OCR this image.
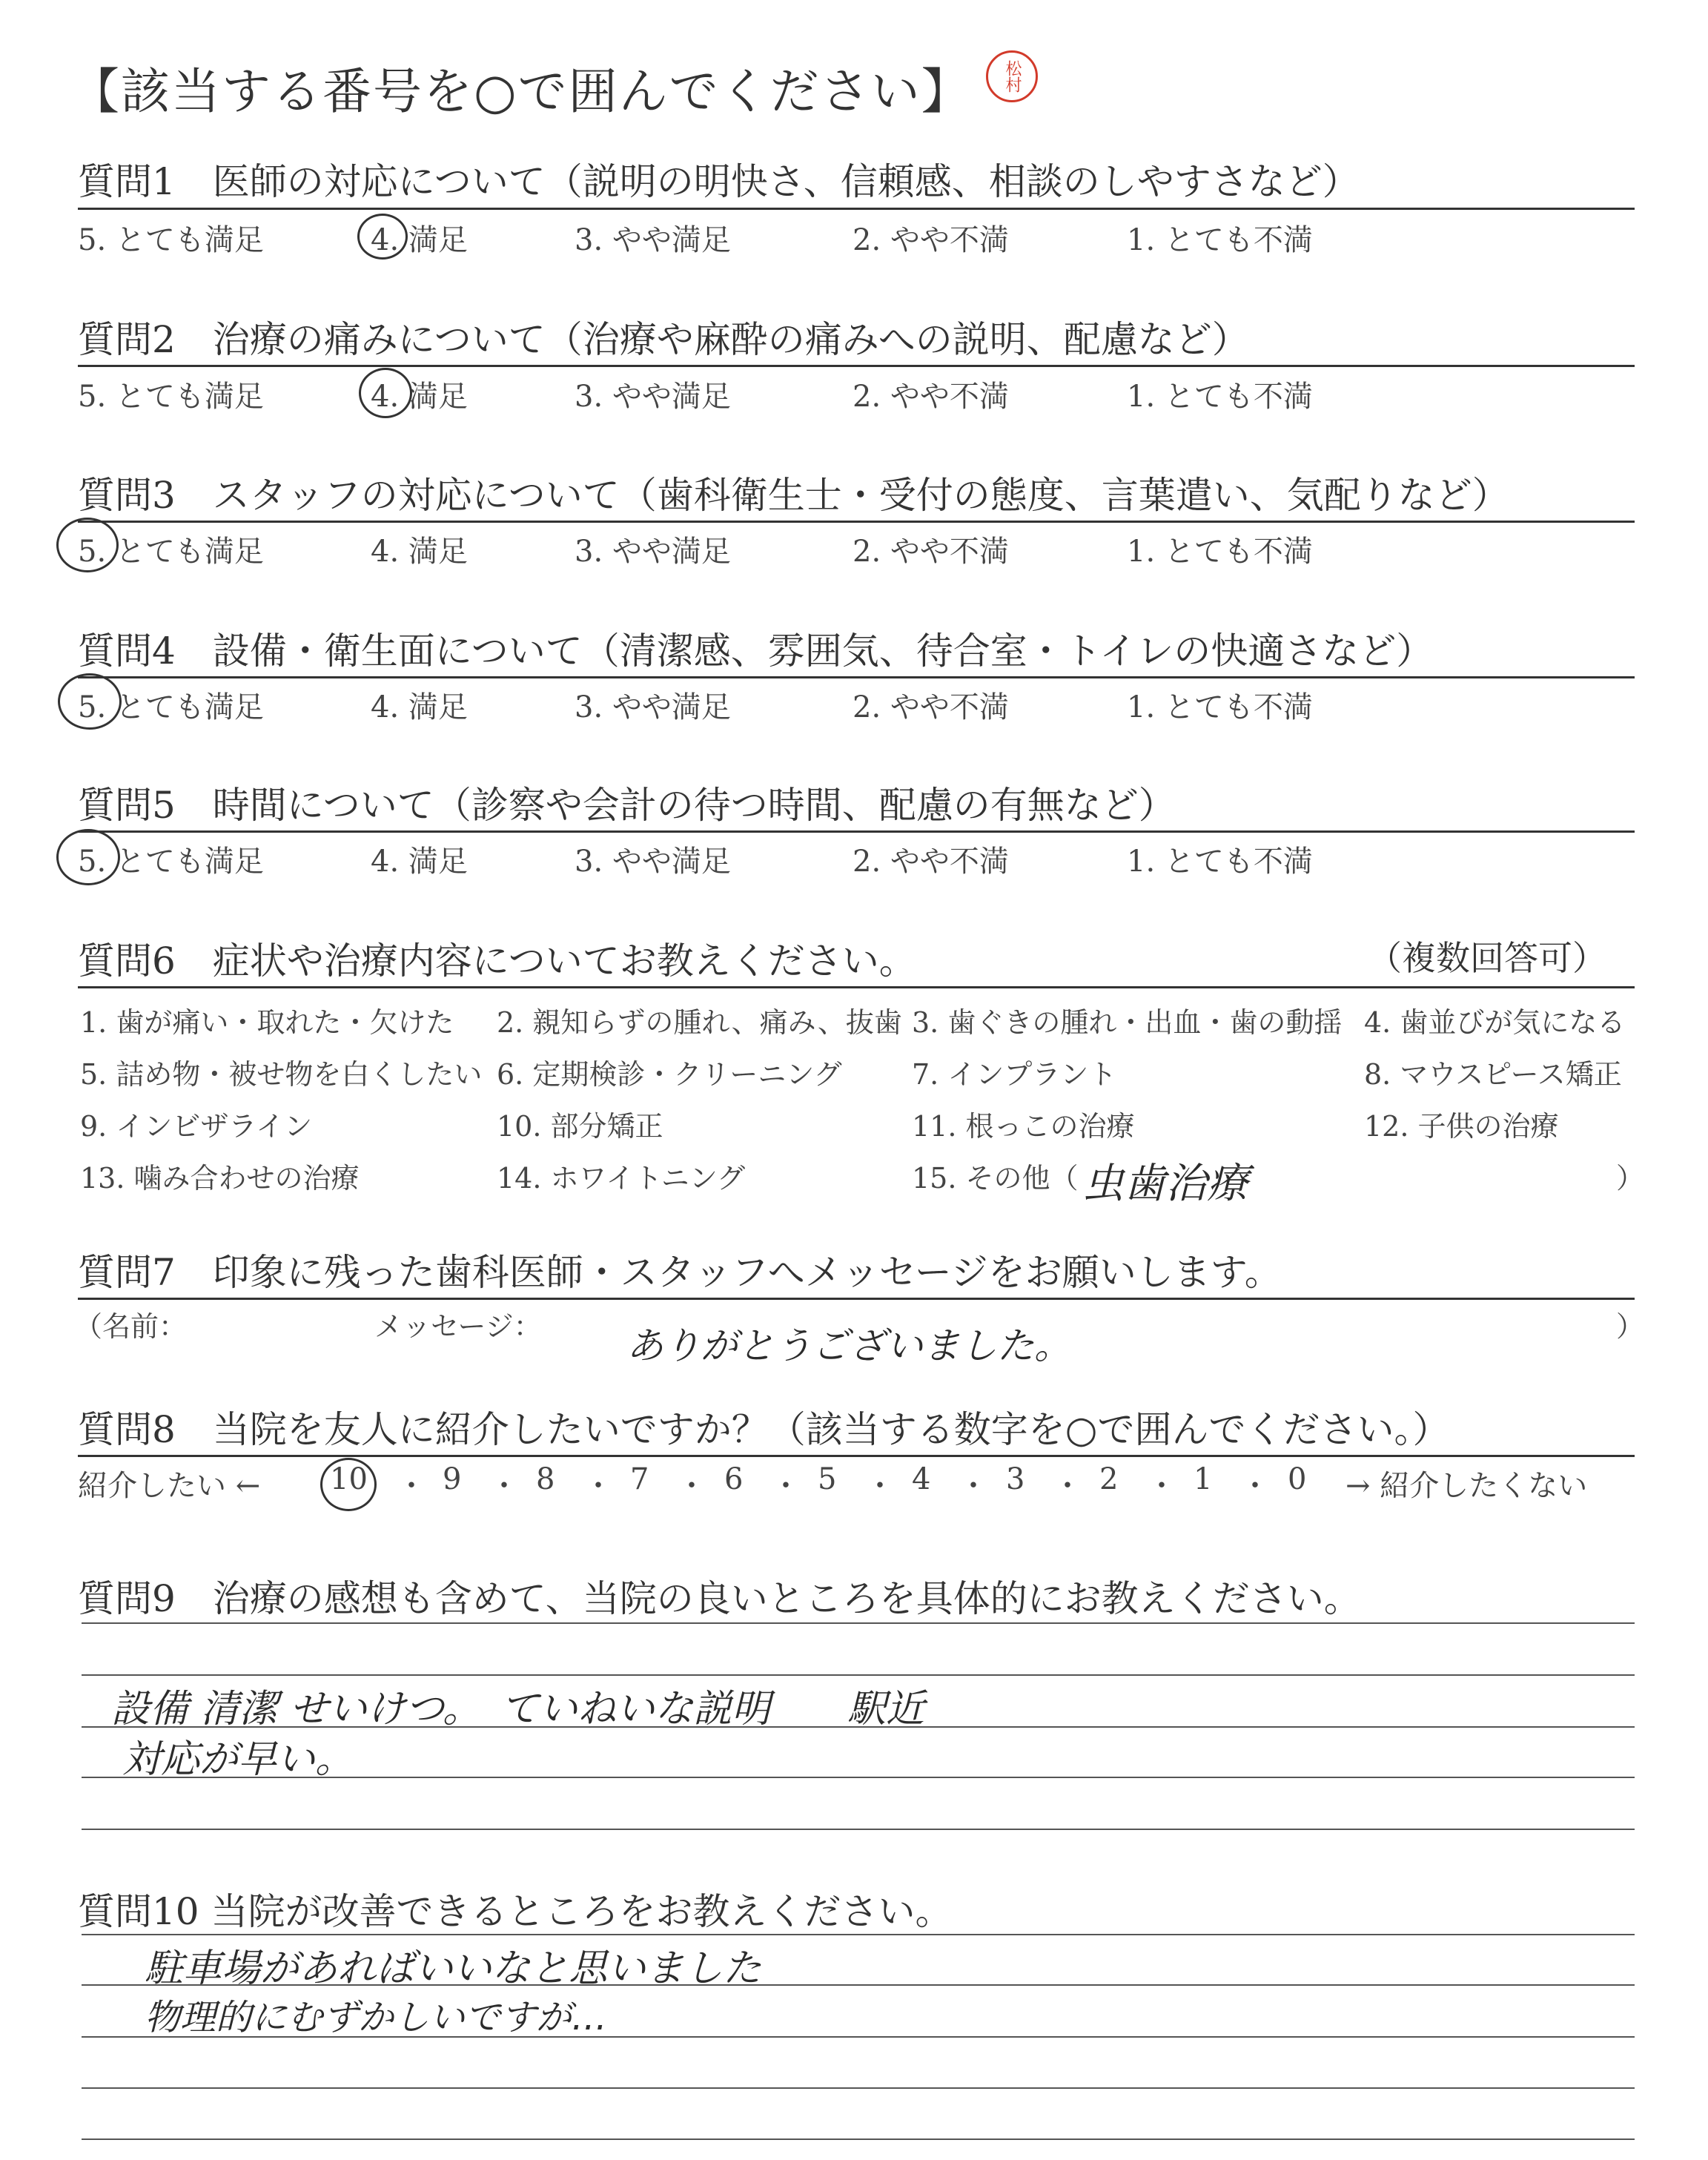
【該当する番号を○で囲んでください】	松村
質問1　医師の対応について（説明の明快さ、信頼感、相談のしやすさなど）
5. とても満足	4. 満足	3. やや満足	2. やや不満	1. とても不満
質問2　治療の痛みについて（治療や麻酔の痛みへの説明、配慮など）
5. とても満足	4. 満足	3. やや満足	2. やや不満	1. とても不満
質問3　スタッフの対応について（歯科衛生士・受付の態度、言葉遣い、気配りなど）
5. とても満足	4. 満足	3. やや満足	2. やや不満	1. とても不満
質問4　設備・衛生面について（清潔感、雰囲気、待合室・トイレの快適さなど）
5. とても満足	4. 満足	3. やや満足	2. やや不満	1. とても不満
質問5　時間について（診察や会計の待つ時間、配慮の有無など）
5. とても満足	4. 満足	3. やや満足	2. やや不満	1. とても不満
質問6　症状や治療内容についてお教えください。	（複数回答可）
1. 歯が痛い・取れた・欠けた 2. 親知らずの腫れ、痛み、抜歯 3. 歯ぐきの腫れ・出血・歯の動揺 4. 歯並びが気になる
5. 詰め物・被せ物を白くしたい 6. 定期検診・クリーニング 7. インプラント	8. マウスピース矯正
9. インビザライン	10. 部分矯正	11. 根っこの治療	12. 子供の治療
13. 噛み合わせの治療	14. ホワイトニング	15. その他（ 虫歯治療	）
質問7　印象に残った歯科医師・スタッフへメッセージをお願いします。
（名前：	メッセージ： ありがとうございました。	）
質問8　当院を友人に紹介したいですか？（該当する数字を○で囲んでください。）
紹介したい ← 10 ・ 9 ・ 8 ・ 7 ・ 6 ・ 5 ・ 4 ・ 3 ・ 2 ・ 1 ・ 0 → 紹介したくない
質問9　治療の感想も含めて、当院の良いところを具体的にお教えください。
設備 清潔 せいけつ。　ていねいな説明　　駅近
対応が早い。
質問10 当院が改善できるところをお教えください。
駐車場があればいいなと思いました
物理的にむずかしいですが…
